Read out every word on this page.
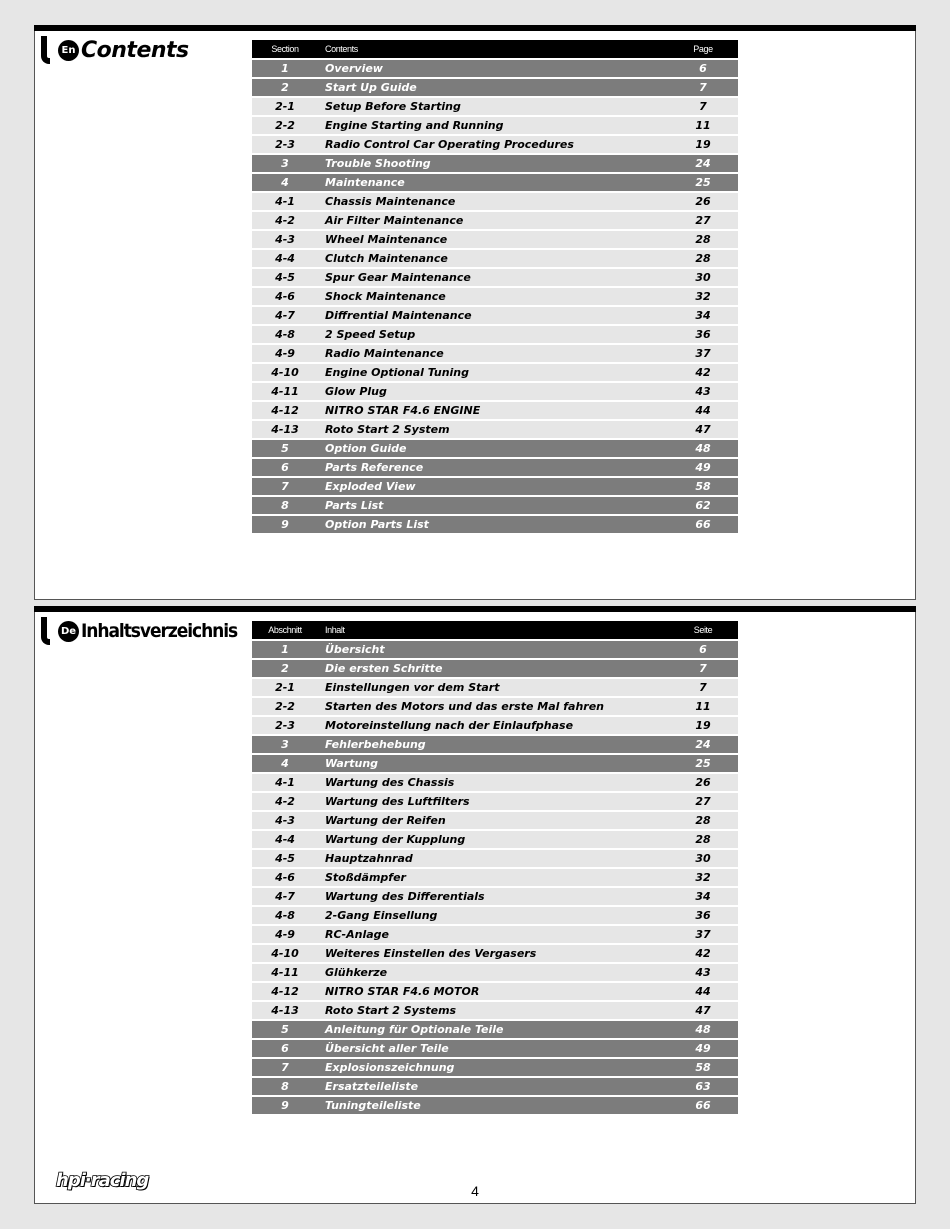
En Contents	Section	Contents	Page
1	Overview	6
2	Start Up Guide	7
2-1	Setup Before Starting	7
2-2	Engine Starting and Running	11
2-3	Radio Control Car Operating Procedures	19
3	Trouble Shooting	24
4	Maintenance	25
4-1	Chassis Maintenance	26
4-2	Air Filter Maintenance	27
4-3	Wheel Maintenance	28
4-4	Clutch Maintenance	28
4-5	Spur Gear Maintenance	30
4-6	Shock Maintenance	32
4-7	Diffrential Maintenance	34
4-8	2 Speed Setup	36
4-9	Radio Maintenance	37
4-10	Engine Optional Tuning	42
4-11	Glow Plug	43
4-12	NITRO STAR F4.6 ENGINE	44
4-13	Roto Start 2 System	47
5	Option Guide	48
6	Parts Reference	49
7	Exploded View	58
8	Parts List	62
9	Option Parts List	66
De Inhaltsverzeichnis	Abschnitt	Inhalt	Seite
1	Übersicht	6
2	Die ersten Schritte	7
2-1	Einstellungen vor dem Start	7
2-2	Starten des Motors und das erste Mal fahren	11
2-3	Motoreinstellung nach der Einlaufphase	19
3	Fehlerbehebung	24
4	Wartung	25
4-1	Wartung des Chassis	26
4-2	Wartung des Luftfilters	27
4-3	Wartung der Reifen	28
4-4	Wartung der Kupplung	28
4-5	Hauptzahnrad	30
4-6	Stoßdämpfer	32
4-7	Wartung des Differentials	34
4-8	2-Gang Einsellung	36
4-9	RC-Anlage	37
4-10	Weiteres Einstellen des Vergasers	42
4-11	Glühkerze	43
4-12	NITRO STAR F4.6 MOTOR	44
4-13	Roto Start 2 Systems	47
5	Anleitung für Optionale Teile	48
6	Übersicht aller Teile	49
7	Explosionszeichnung	58
8	Ersatzteileliste	63
9	Tuningteileliste	66
hpi·racing	4
